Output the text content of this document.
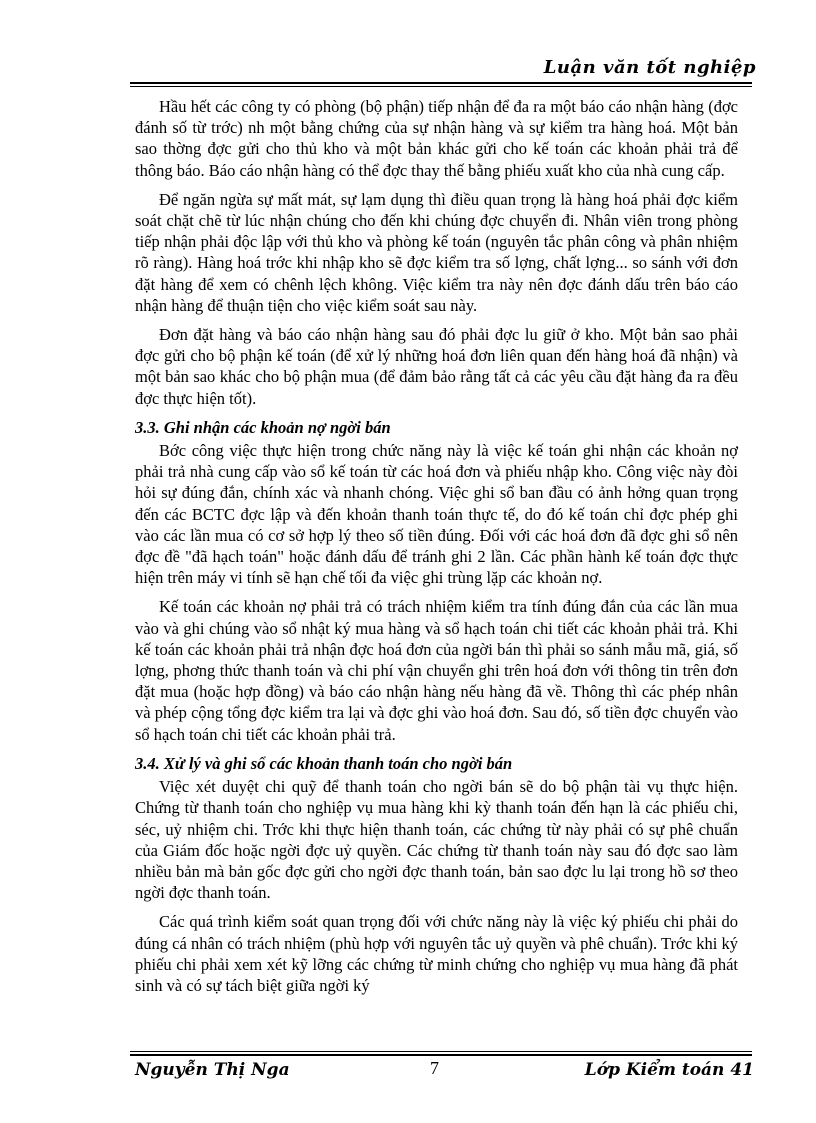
Luận văn tốt nghiệp

Hầu hết các công ty có phòng (bộ phận) tiếp nhận để đa ra một báo cáo nhận hàng (đợc đánh số từ trớc) nh một bằng chứng của sự nhận hàng và sự kiểm tra hàng hoá. Một bản sao thờng đợc gửi cho thủ kho và một bản khác gửi cho kế toán các khoản phải trả để thông báo. Báo cáo nhận hàng có thể đợc thay thế bằng phiếu xuất kho của nhà cung cấp.

Để ngăn ngừa sự mất mát, sự lạm dụng thì điều quan trọng là hàng hoá phải đợc kiểm soát chặt chẽ từ lúc nhận chúng cho đến khi chúng đợc chuyển đi. Nhân viên trong phòng tiếp nhận phải độc lập với thủ kho và phòng kế toán (nguyên tắc phân công và phân nhiệm rõ ràng). Hàng hoá trớc khi nhập kho sẽ đợc kiểm tra số lợng, chất lợng... so sánh với đơn đặt hàng để xem có chênh lệch không. Việc kiểm tra này nên đợc đánh dấu trên báo cáo nhận hàng để thuận tiện cho việc kiểm soát sau này.

Đơn đặt hàng và báo cáo nhận hàng sau đó phải đợc lu giữ ở kho. Một bản sao phải đợc gửi cho bộ phận kế toán (để xử lý những hoá đơn liên quan đến hàng hoá đã nhận) và một bản sao khác cho bộ phận mua (để đảm bảo rằng tất cả các yêu cầu đặt hàng đa ra đều đợc thực hiện tốt).

3.3. Ghi nhận các khoản nợ ngời bán

Bớc công việc thực hiện trong chức năng này là việc kế toán ghi nhận các khoản nợ phải trả nhà cung cấp vào sổ kế toán từ các hoá đơn và phiếu nhập kho. Công việc này đòi hỏi sự đúng đắn, chính xác và nhanh chóng. Việc ghi sổ ban đầu có ảnh hởng quan trọng đến các BCTC đợc lập và đến khoản thanh toán thực tế, do đó kế toán chỉ đợc phép ghi vào các lần mua có cơ sở hợp lý theo số tiền đúng. Đối với các hoá đơn đã đợc ghi sổ nên đợc đề "đã hạch toán" hoặc đánh dấu để tránh ghi 2 lần. Các phần hành kế toán đợc thực hiện trên máy vi tính sẽ hạn chế tối đa việc ghi trùng lặp các khoản nợ.

Kế toán các khoản nợ phải trả có trách nhiệm kiểm tra tính đúng đắn của các lần mua vào và ghi chúng vào sổ nhật ký mua hàng và sổ hạch toán chi tiết các khoản phải trả. Khi kế toán các khoản phải trả nhận đợc hoá đơn của ngời bán thì phải so sánh mẫu mã, giá, số lợng, phơng thức thanh toán và chi phí vận chuyển ghi trên hoá đơn với thông tin trên đơn đặt mua (hoặc hợp đồng) và báo cáo nhận hàng nếu hàng đã về. Thông thì các phép nhân và phép cộng tổng đợc kiểm tra lại và đợc ghi vào hoá đơn. Sau đó, số tiền đợc chuyển vào sổ hạch toán chi tiết các khoản phải trả.

3.4. Xử lý và ghi sổ các khoản thanh toán cho ngời bán

Việc xét duyệt chi quỹ để thanh toán cho ngời bán sẽ do bộ phận tài vụ thực hiện. Chứng từ thanh toán cho nghiệp vụ mua hàng khi kỳ thanh toán đến hạn là các phiếu chi, séc, uỷ nhiệm chi. Trớc khi thực hiện thanh toán, các chứng từ này phải có sự phê chuẩn của Giám đốc hoặc ngời đợc uỷ quyền. Các chứng từ thanh toán này sau đó đợc sao làm nhiều bản mà bản gốc đợc gửi cho ngời đợc thanh toán, bản sao đợc lu lại trong hồ sơ theo ngời đợc thanh toán.

Các quá trình kiểm soát quan trọng đối với chức năng này là việc ký phiếu chi phải do đúng cá nhân có trách nhiệm (phù hợp với nguyên tắc uỷ quyền và phê chuẩn). Trớc khi ký phiếu chi phải xem xét kỹ lỡng các chứng từ minh chứng cho nghiệp vụ mua hàng đã phát sinh và có sự tách biệt giữa ngời ký

Nguyễn Thị Nga	7	Lớp Kiểm toán 41
